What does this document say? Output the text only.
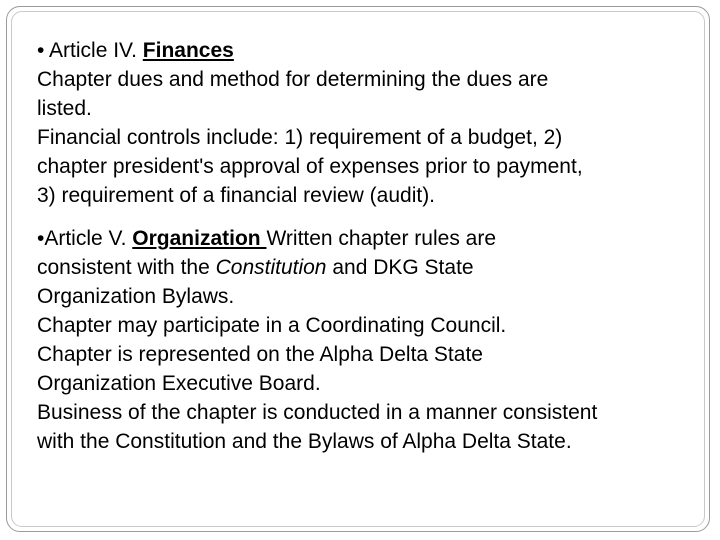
• Article IV. Finances
Chapter dues and method for determining the dues are
listed.
Financial controls include: 1) requirement of a budget, 2)
chapter president's approval of expenses prior to payment,
3) requirement of a financial review (audit).
•Article V. Organization Written chapter rules are
consistent with the Constitution and DKG State
Organization Bylaws.
Chapter may participate in a Coordinating Council.
Chapter is represented on the Alpha Delta State
Organization Executive Board.
Business of the chapter is conducted in a manner consistent
with the Constitution and the Bylaws of Alpha Delta State.
